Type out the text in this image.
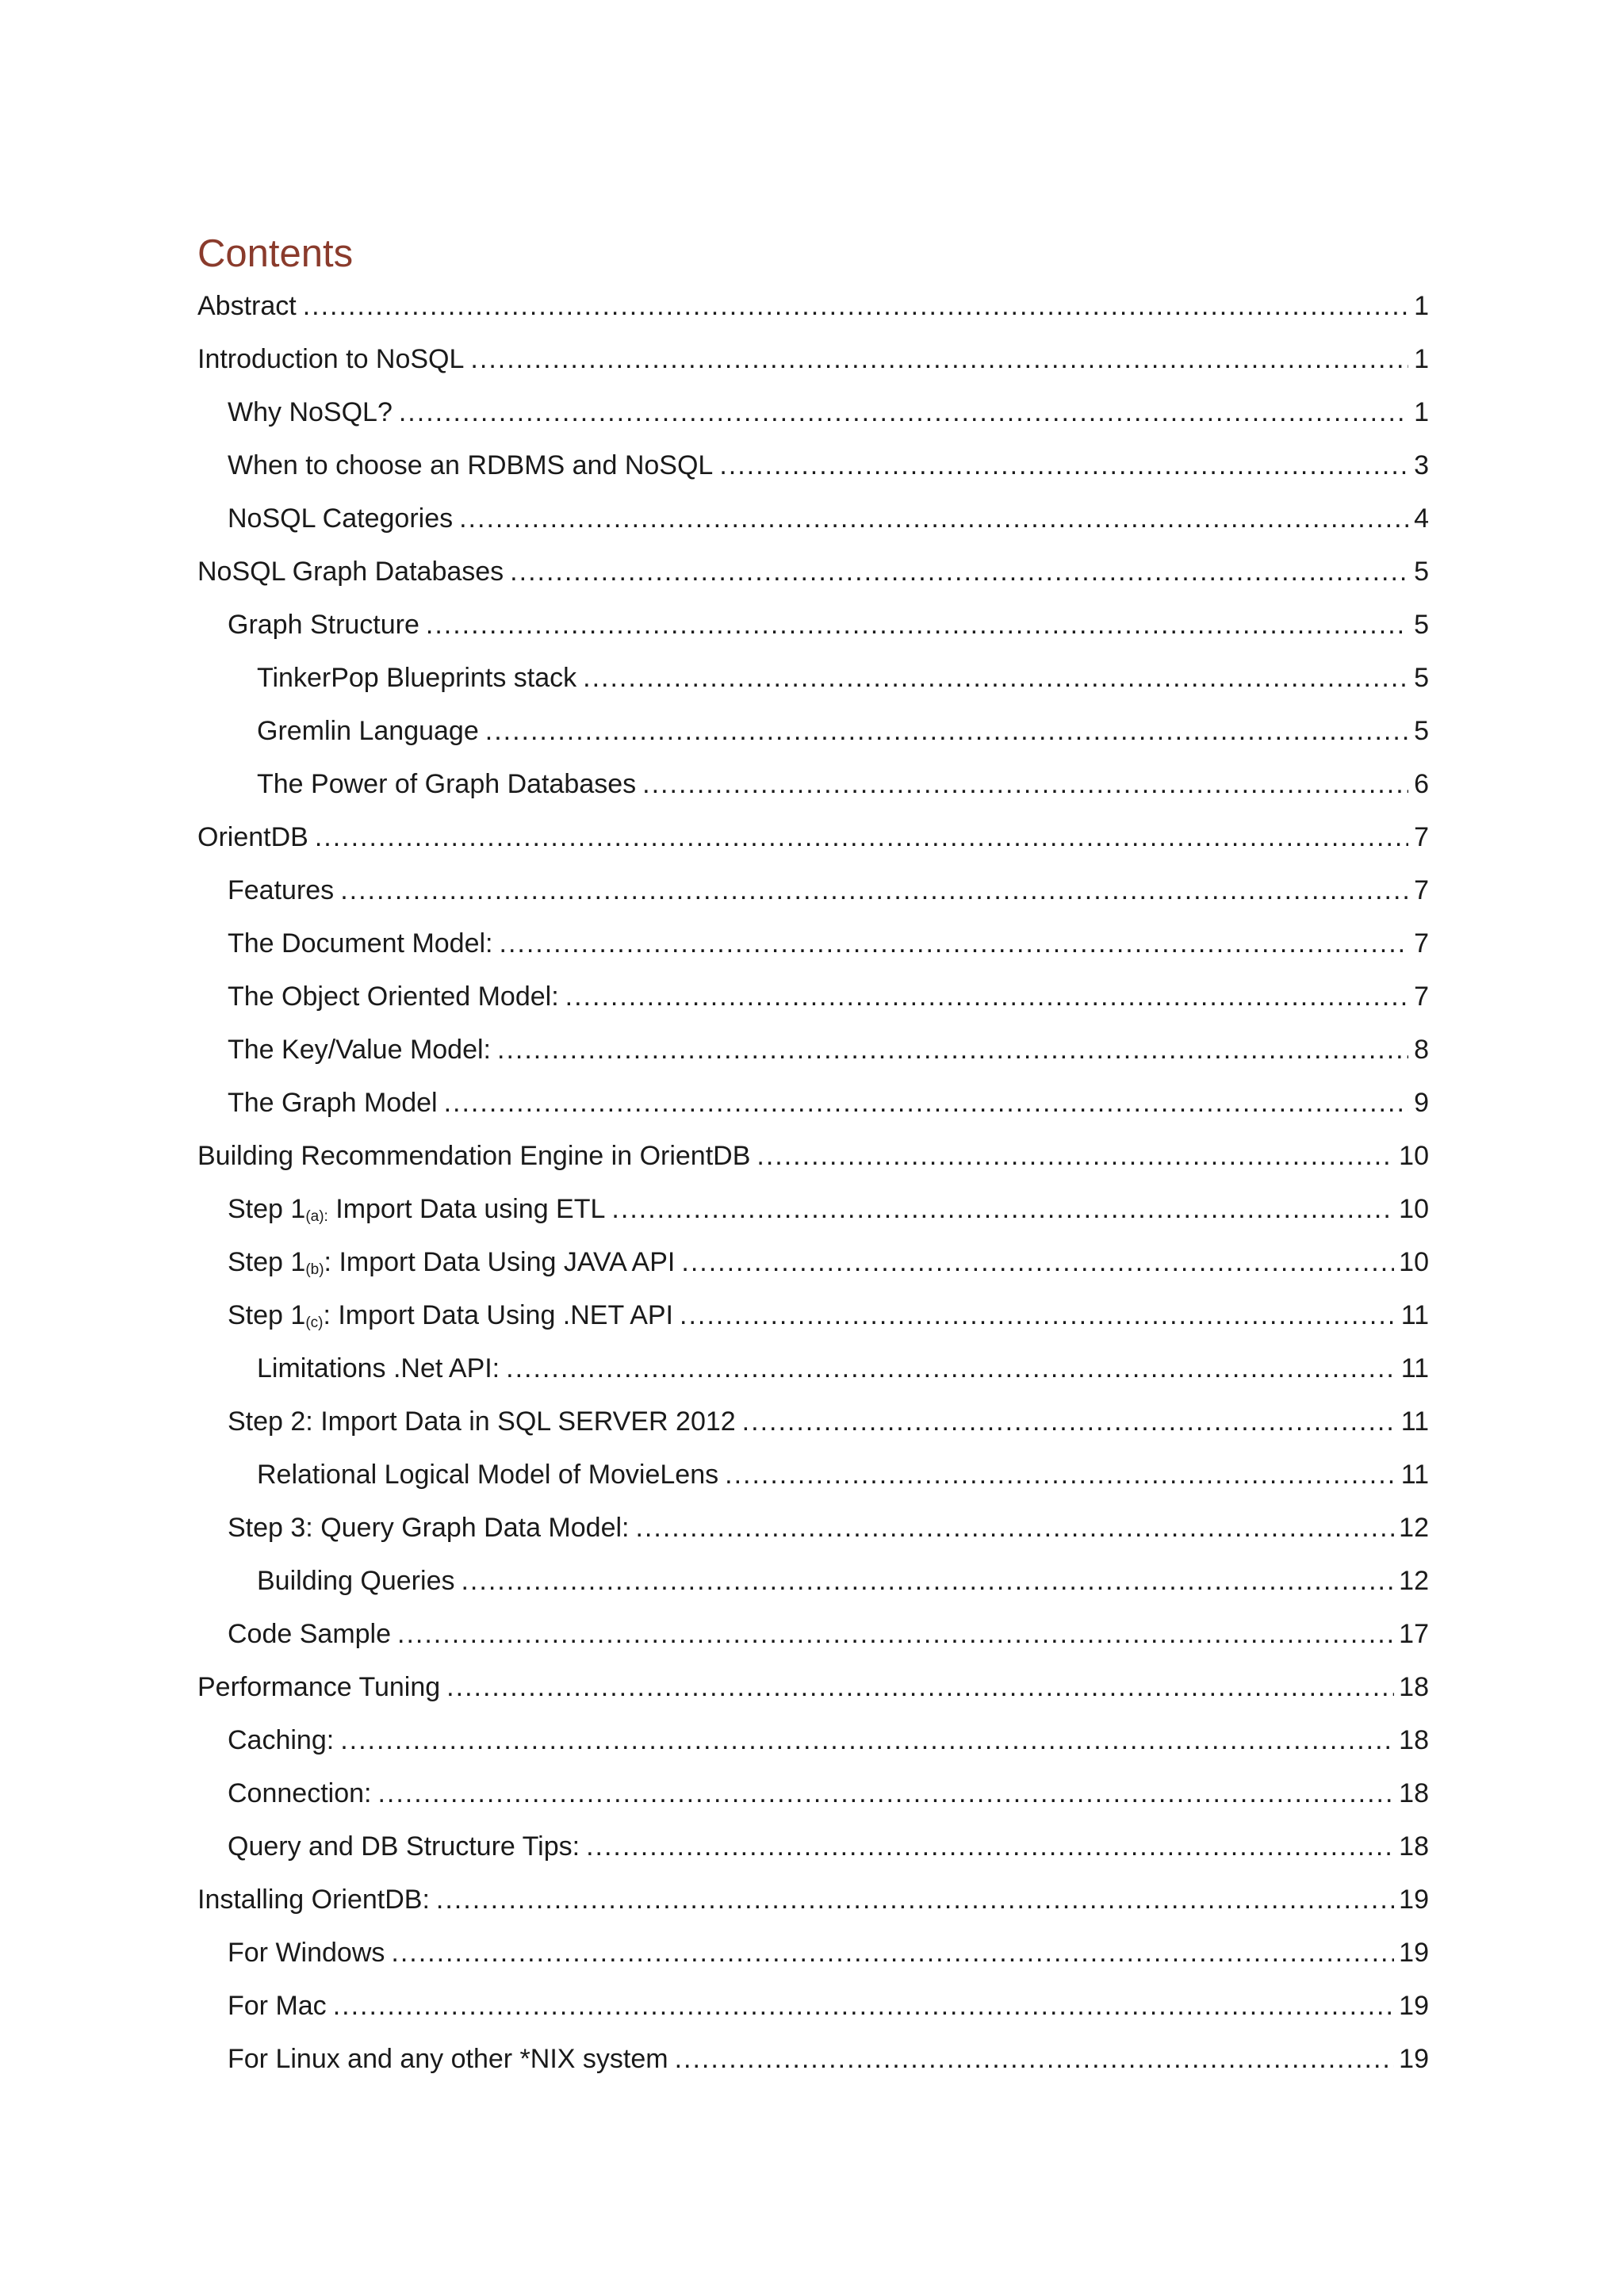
Contents
Abstract .....	1
Introduction to NoSQL .....	1
Why NoSQL? .....	1
When to choose an RDBMS and NoSQL .....	3
NoSQL Categories .....	4
NoSQL Graph Databases .....	5
Graph Structure .....	5
TinkerPop Blueprints stack .....	5
Gremlin Language .....	5
The Power of Graph Databases .....	6
OrientDB .....	7
Features .....	7
The Document Model: .....	7
The Object Oriented Model: .....	7
The Key/Value Model: .....	8
The Graph Model .....	9
Building Recommendation Engine in OrientDB .....	10
Step $1_{(a):}$ Import Data using ETL .....	10
Step $1_{(b)}$: Import Data Using JAVA API .....	10
Step $1_{(c)}$: Import Data Using .NET API .....	11
Limitations .Net API: .....	11
Step 2: Import Data in SQL SERVER 2012 .....	11
Relational Logical Model of MovieLens .....	11
Step 3: Query Graph Data Model: .....	12
Building Queries .....	12
Code Sample .....	17
Performance Tuning .....	18
Caching: .....	18
Connection: .....	18
Query and DB Structure Tips: .....	18
Installing OrientDB: .....	19
For Windows .....	19
For Mac .....	19
For Linux and any other *NIX system .....	19
